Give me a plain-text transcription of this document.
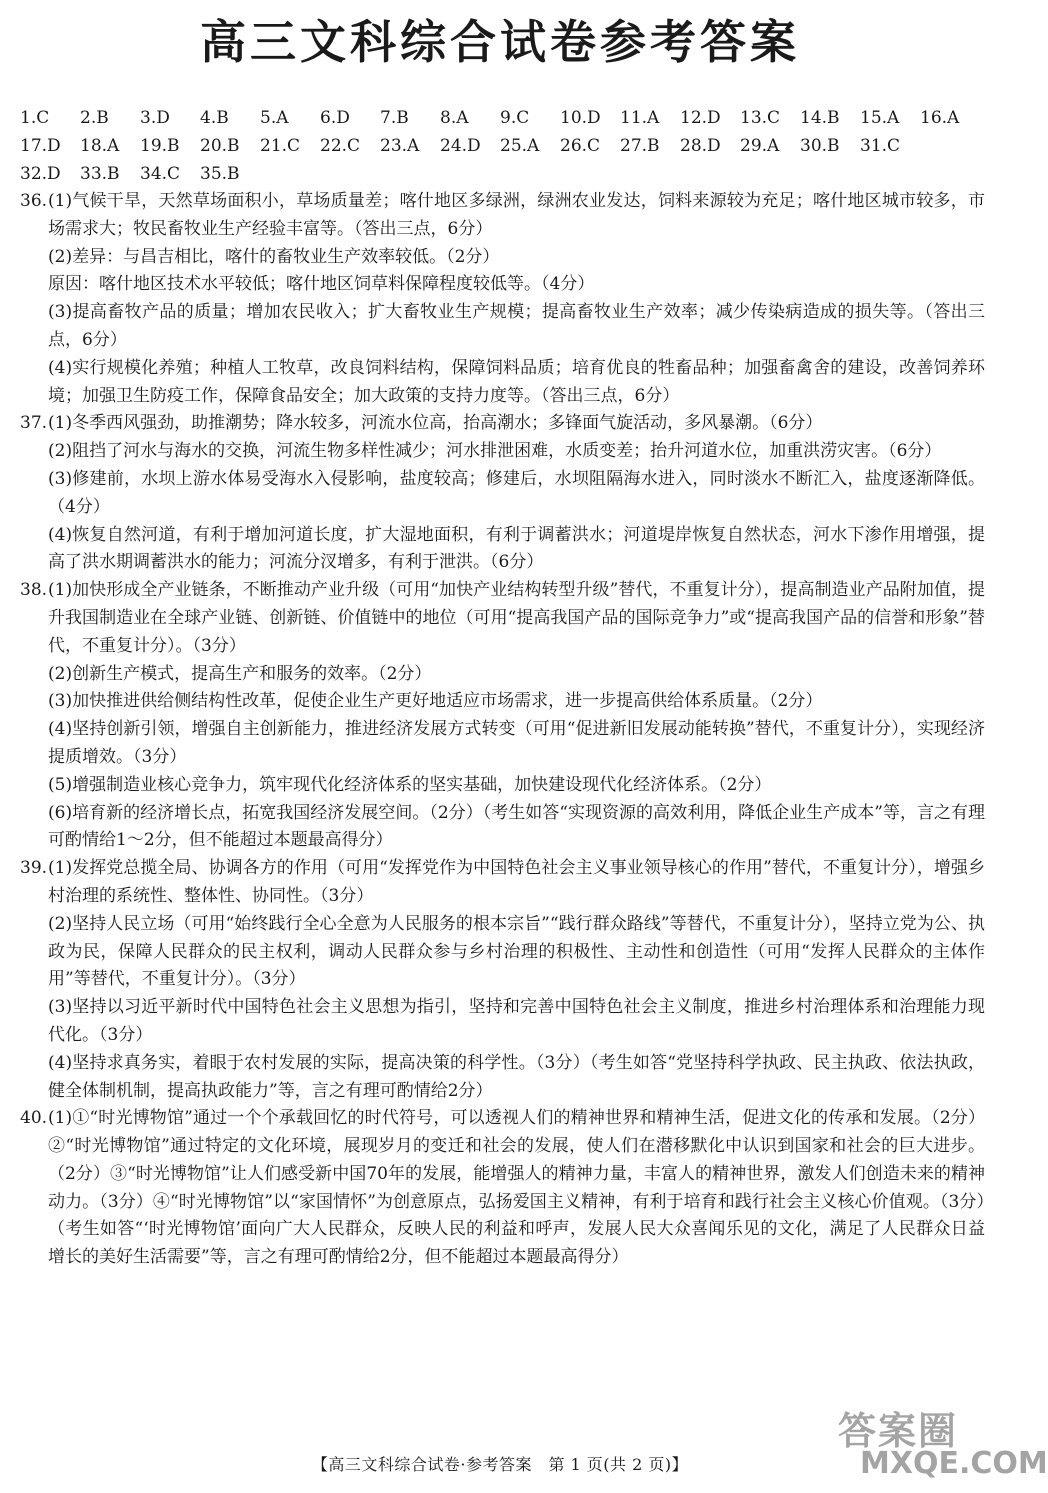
高三文科综合试卷参考答案
1.C	2.B	3.D	4.B	5.A	6.D	7.B	8.A	9.C	10.D	11.A	12.D	13.C	14.B	15.A	16.A
17.D	18.A	19.B	20.B	21.C	22.C	23.A	24.D	25.A	26.C	27.B	28.D	29.A	30.B	31.C
32.D	33.B	34.C	35.B
36. (1)气候干旱，天然草场面积小，草场质量差；喀什地区多绿洲，绿洲农业发达，饲料来源较为充足；喀什地区城市较多，市场需求大；牧民畜牧业生产经验丰富等。（答出三点，6分）
(2)差异：与昌吉相比，喀什的畜牧业生产效率较低。（2分）
原因：喀什地区技术水平较低；喀什地区饲草料保障程度较低等。（4分）
(3)提高畜牧产品的质量；增加农民收入；扩大畜牧业生产规模；提高畜牧业生产效率；减少传染病造成的损失等。（答出三点，6分）
(4)实行规模化养殖；种植人工牧草，改良饲料结构，保障饲料品质；培育优良的牲畜品种；加强畜禽舍的建设，改善饲养环境；加强卫生防疫工作，保障食品安全；加大政策的支持力度等。（答出三点，6分）
37. (1)冬季西风强劲，助推潮势；降水较多，河流水位高，抬高潮水；多锋面气旋活动，多风暴潮。（6分）
(2)阻挡了河水与海水的交换，河流生物多样性减少；河水排泄困难，水质变差；抬升河道水位，加重洪涝灾害。（6分）
(3)修建前，水坝上游水体易受海水入侵影响，盐度较高；修建后，水坝阻隔海水进入，同时淡水不断汇入，盐度逐渐降低。（4分）
(4)恢复自然河道，有利于增加河道长度，扩大湿地面积，有利于调蓄洪水；河道堤岸恢复自然状态，河水下渗作用增强，提高了洪水期调蓄洪水的能力；河流分汊增多，有利于泄洪。（6分）
38. (1)加快形成全产业链条，不断推动产业升级（可用“加快产业结构转型升级”替代，不重复计分），提高制造业产品附加值，提升我国制造业在全球产业链、创新链、价值链中的地位（可用“提高我国产品的国际竞争力”或“提高我国产品的信誉和形象”替代，不重复计分）。（3分）
(2)创新生产模式，提高生产和服务的效率。（2分）
(3)加快推进供给侧结构性改革，促使企业生产更好地适应市场需求，进一步提高供给体系质量。（2分）
(4)坚持创新引领，增强自主创新能力，推进经济发展方式转变（可用“促进新旧发展动能转换”替代，不重复计分），实现经济提质增效。（3分）
(5)增强制造业核心竞争力，筑牢现代化经济体系的坚实基础，加快建设现代化经济体系。（2分）
(6)培育新的经济增长点，拓宽我国经济发展空间。（2分）（考生如答“实现资源的高效利用，降低企业生产成本”等，言之有理可酌情给1～2分，但不能超过本题最高得分）
39. (1)发挥党总揽全局、协调各方的作用（可用“发挥党作为中国特色社会主义事业领导核心的作用”替代，不重复计分），增强乡村治理的系统性、整体性、协同性。（3分）
(2)坚持人民立场（可用“始终践行全心全意为人民服务的根本宗旨”“践行群众路线”等替代，不重复计分），坚持立党为公、执政为民，保障人民群众的民主权利，调动人民群众参与乡村治理的积极性、主动性和创造性（可用“发挥人民群众的主体作用”等替代，不重复计分）。（3分）
(3)坚持以习近平新时代中国特色社会主义思想为指引，坚持和完善中国特色社会主义制度，推进乡村治理体系和治理能力现代化。（3分）
(4)坚持求真务实，着眼于农村发展的实际，提高决策的科学性。（3分）（考生如答“党坚持科学执政、民主执政、依法执政，健全体制机制，提高执政能力”等，言之有理可酌情给2分）
40. (1)①“时光博物馆”通过一个个承载回忆的时代符号，可以透视人们的精神世界和精神生活，促进文化的传承和发展。（2分）②“时光博物馆”通过特定的文化环境，展现岁月的变迁和社会的发展，使人们在潜移默化中认识到国家和社会的巨大进步。（2分）③“时光博物馆”让人们感受新中国70年的发展，能增强人的精神力量，丰富人的精神世界，激发人们创造未来的精神动力。（3分）④“时光博物馆”以“家国情怀”为创意原点，弘扬爱国主义精神，有利于培育和践行社会主义核心价值观。（3分）（考生如答“‘时光博物馆’面向广大人民群众，反映人民的利益和呼声，发展人民大众喜闻乐见的文化，满足了人民群众日益增长的美好生活需要”等，言之有理可酌情给2分，但不能超过本题最高得分）
【高三文科综合试卷·参考答案　第 1 页(共 2 页)】
答案圈
MXQE.COM
